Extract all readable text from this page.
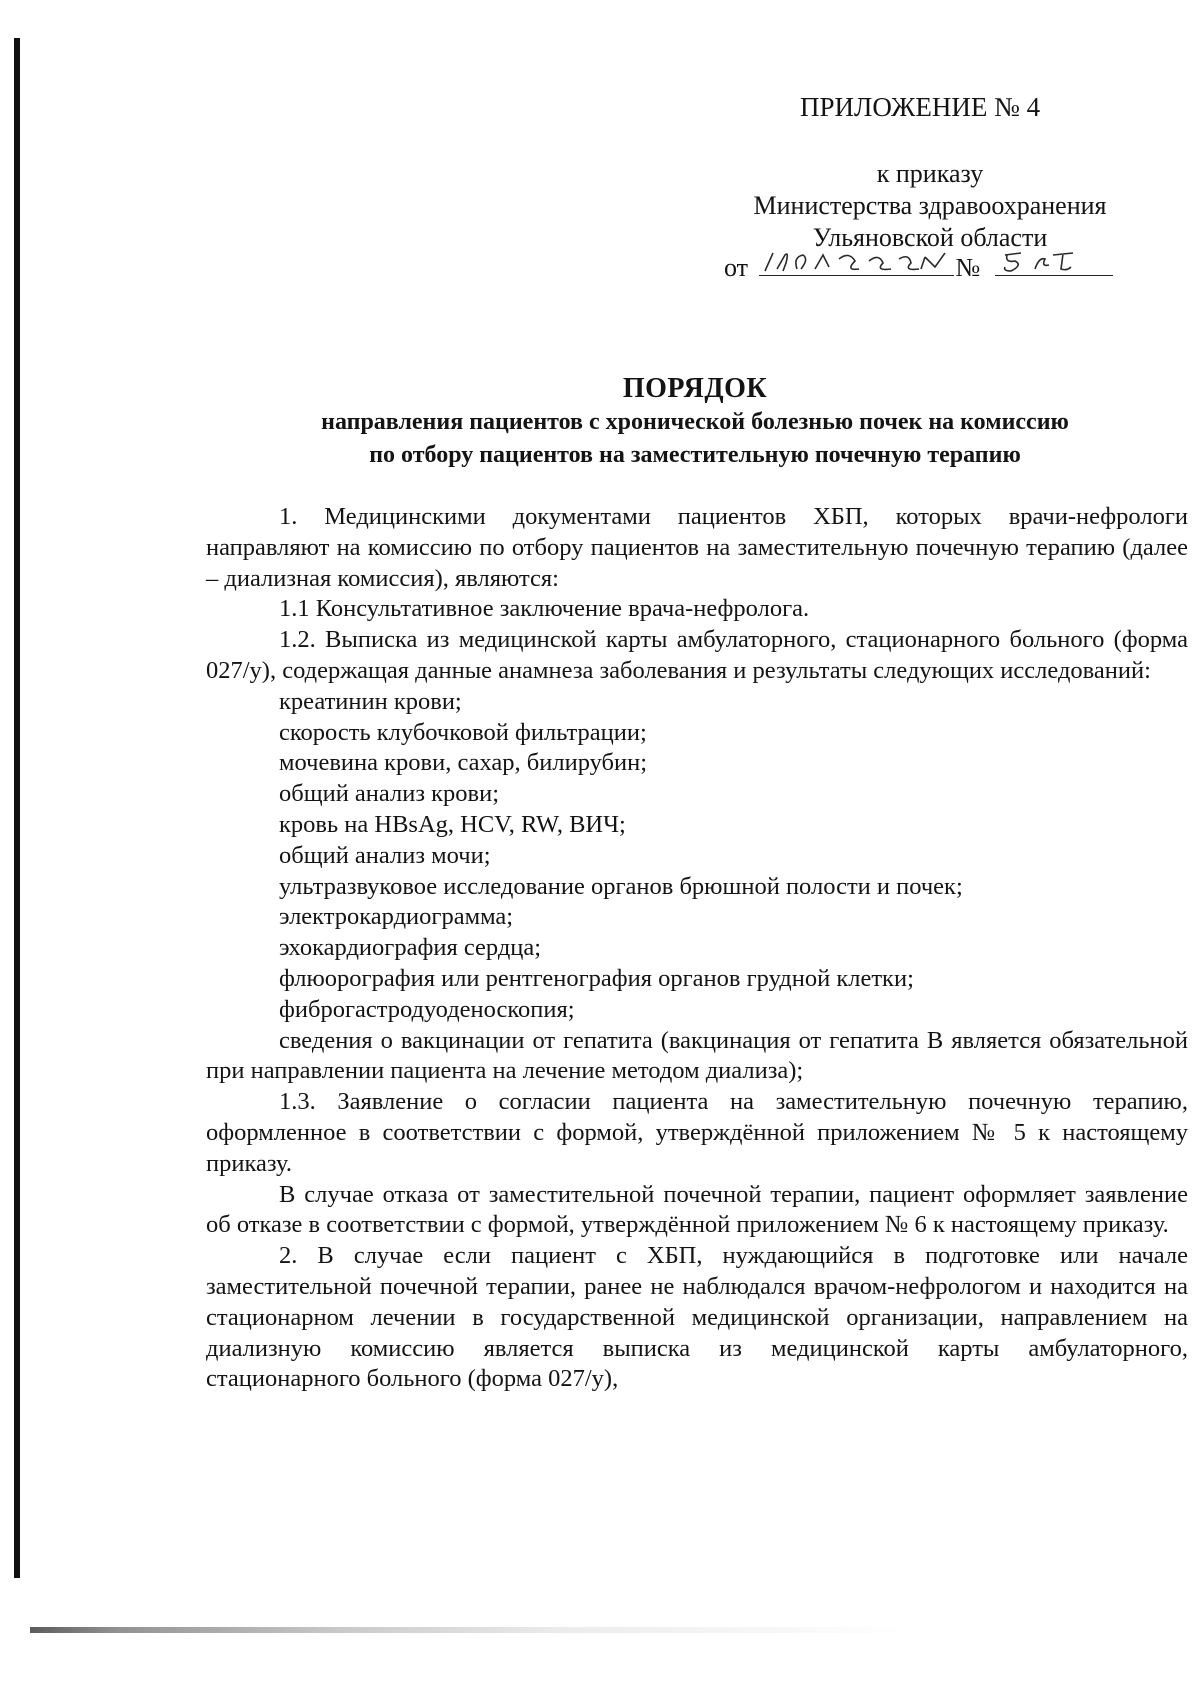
ПРИЛОЖЕНИЕ № 4
к приказу
Министерства здравоохранения
Ульяновской области
от	№
ПОРЯДОК
направления пациентов с хронической болезнью почек на комиссию
по отбору пациентов на заместительную почечную терапию

1. Медицинскими документами пациентов ХБП, которых врачи-нефрологи направляют на комиссию по отбору пациентов на заместительную почечную терапию (далее – диализная комиссия), являются:

1.1 Консультативное заключение врача-нефролога.

1.2. Выписка из медицинской карты амбулаторного, стационарного больного (форма 027/у), содержащая данные анамнеза заболевания и результаты следующих исследований:

креатинин крови;

скорость клубочковой фильтрации;

мочевина крови, сахар, билирубин;

общий анализ крови;

кровь на HBsAg, HCV, RW, ВИЧ;

общий анализ мочи;

ультразвуковое исследование органов брюшной полости и почек;

электрокардиограмма;

эхокардиография сердца;

флюорография или рентгенография органов грудной клетки;

фиброгастродуоденоскопия;

сведения о вакцинации от гепатита (вакцинация от гепатита В является обязательной при направлении пациента на лечение методом диализа);

1.3. Заявление о согласии пациента на заместительную почечную терапию, оформленное в соответствии с формой, утверждённой приложением № 5 к настоящему приказу.

В случае отказа от заместительной почечной терапии, пациент оформляет заявление об отказе в соответствии с формой, утверждённой приложением № 6 к настоящему приказу.

2. В случае если пациент с ХБП, нуждающийся в подготовке или начале заместительной почечной терапии, ранее не наблюдался врачом-нефрологом и находится на стационарном лечении в государственной медицинской организации, направлением на диализную комиссию является выписка из медицинской карты амбулаторного, стационарного больного (форма 027/у),
